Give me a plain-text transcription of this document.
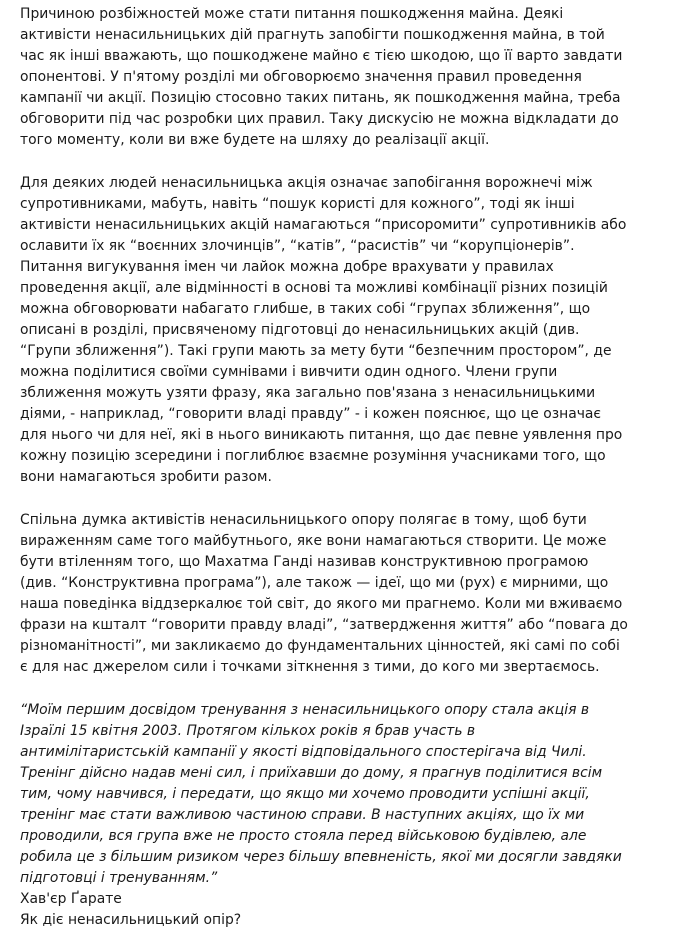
Причиною розбіжностей може стати питання пошкодження майна. Деякі
активісти ненасильницьких дій прагнуть запобігти пошкодження майна, в той
час як інші вважають, що пошкоджене майно є тією шкодою, що її варто завдати
опонентові. У п'ятому розділі ми обговорюємо значення правил проведення
кампанії чи акції. Позицію стосовно таких питань, як пошкодження майна, треба
обговорити під час розробки цих правил. Таку дискусію не можна відкладати до
того моменту, коли ви вже будете на шляху до реалізації акції.

Для деяких людей ненасильницька акція означає запобігання ворожнечі між
супротивниками, мабуть, навіть “пошук користі для кожного”, тоді як інші
активісти ненасильницьких акцій намагаються “присоромити” супротивників або
ославити їх як “воєнних злочинців”, “катів”, “расистів” чи “корупціонерів”.
Питання вигукування імен чи лайок можна добре врахувати у правилах
проведення акції, але відмінності в основі та можливі комбінації різних позицій
можна обговорювати набагато глибше, в таких собі “групах зближення”, що
описані в розділі, присвяченому підготовці до ненасильницьких акцій (див.
“Групи зближення”). Такі групи мають за мету бути “безпечним простором”, де
можна поділитися своїми сумнівами і вивчити один одного. Члени групи
зближення можуть узяти фразу, яка загально пов'язана з ненасильницькими
діями, - наприклад, “говорити владі правду” - і кожен пояснює, що це означає
для нього чи для неї, які в нього виникають питання, що дає певне уявлення про
кожну позицію зсередини і поглиблює взаємне розуміння учасниками того, що
вони намагаються зробити разом.

Спільна думка активістів ненасильницького опору полягає в тому, щоб бути
вираженням саме того майбутнього, яке вони намагаються створити. Це може
бути втіленням того, що Махатма Ганді називав конструктивною програмою
(див. “Конструктивна програма”), але також — ідеї, що ми (рух) є мирними, що
наша поведінка віддзеркалює той світ, до якого ми прагнемо. Коли ми вживаємо
фрази на кшталт “говорити правду владі”, “затвердження життя” або “повага до
різноманітності”, ми закликаємо до фундаментальних цінностей, які самі по собі
є для нас джерелом сили і точками зіткнення з тими, до кого ми звертаємось.

“Моїм першим досвідом тренування з ненасильницького опору стала акція в
Ізраїлі 15 квітня 2003. Протягом кількох років я брав участь в
антимілітаристській кампанії у якості відповідального спостерігача від Чилі.
Тренінг дійсно надав мені сил, і приїхавши до дому, я прагнув поділитися всім
тим, чому навчився, і передати, що якщо ми хочемо проводити успішні акції,
тренінг має стати важливою частиною справи. В наступних акціях, що їх ми
проводили, вся група вже не просто стояла перед військовою будівлею, але
робила це з більшим ризиком через більшу впевненість, якої ми досягли завдяки
підготовці і тренуванням.”
Хав'єр Ґарате
Як діє ненасильницький опір?
